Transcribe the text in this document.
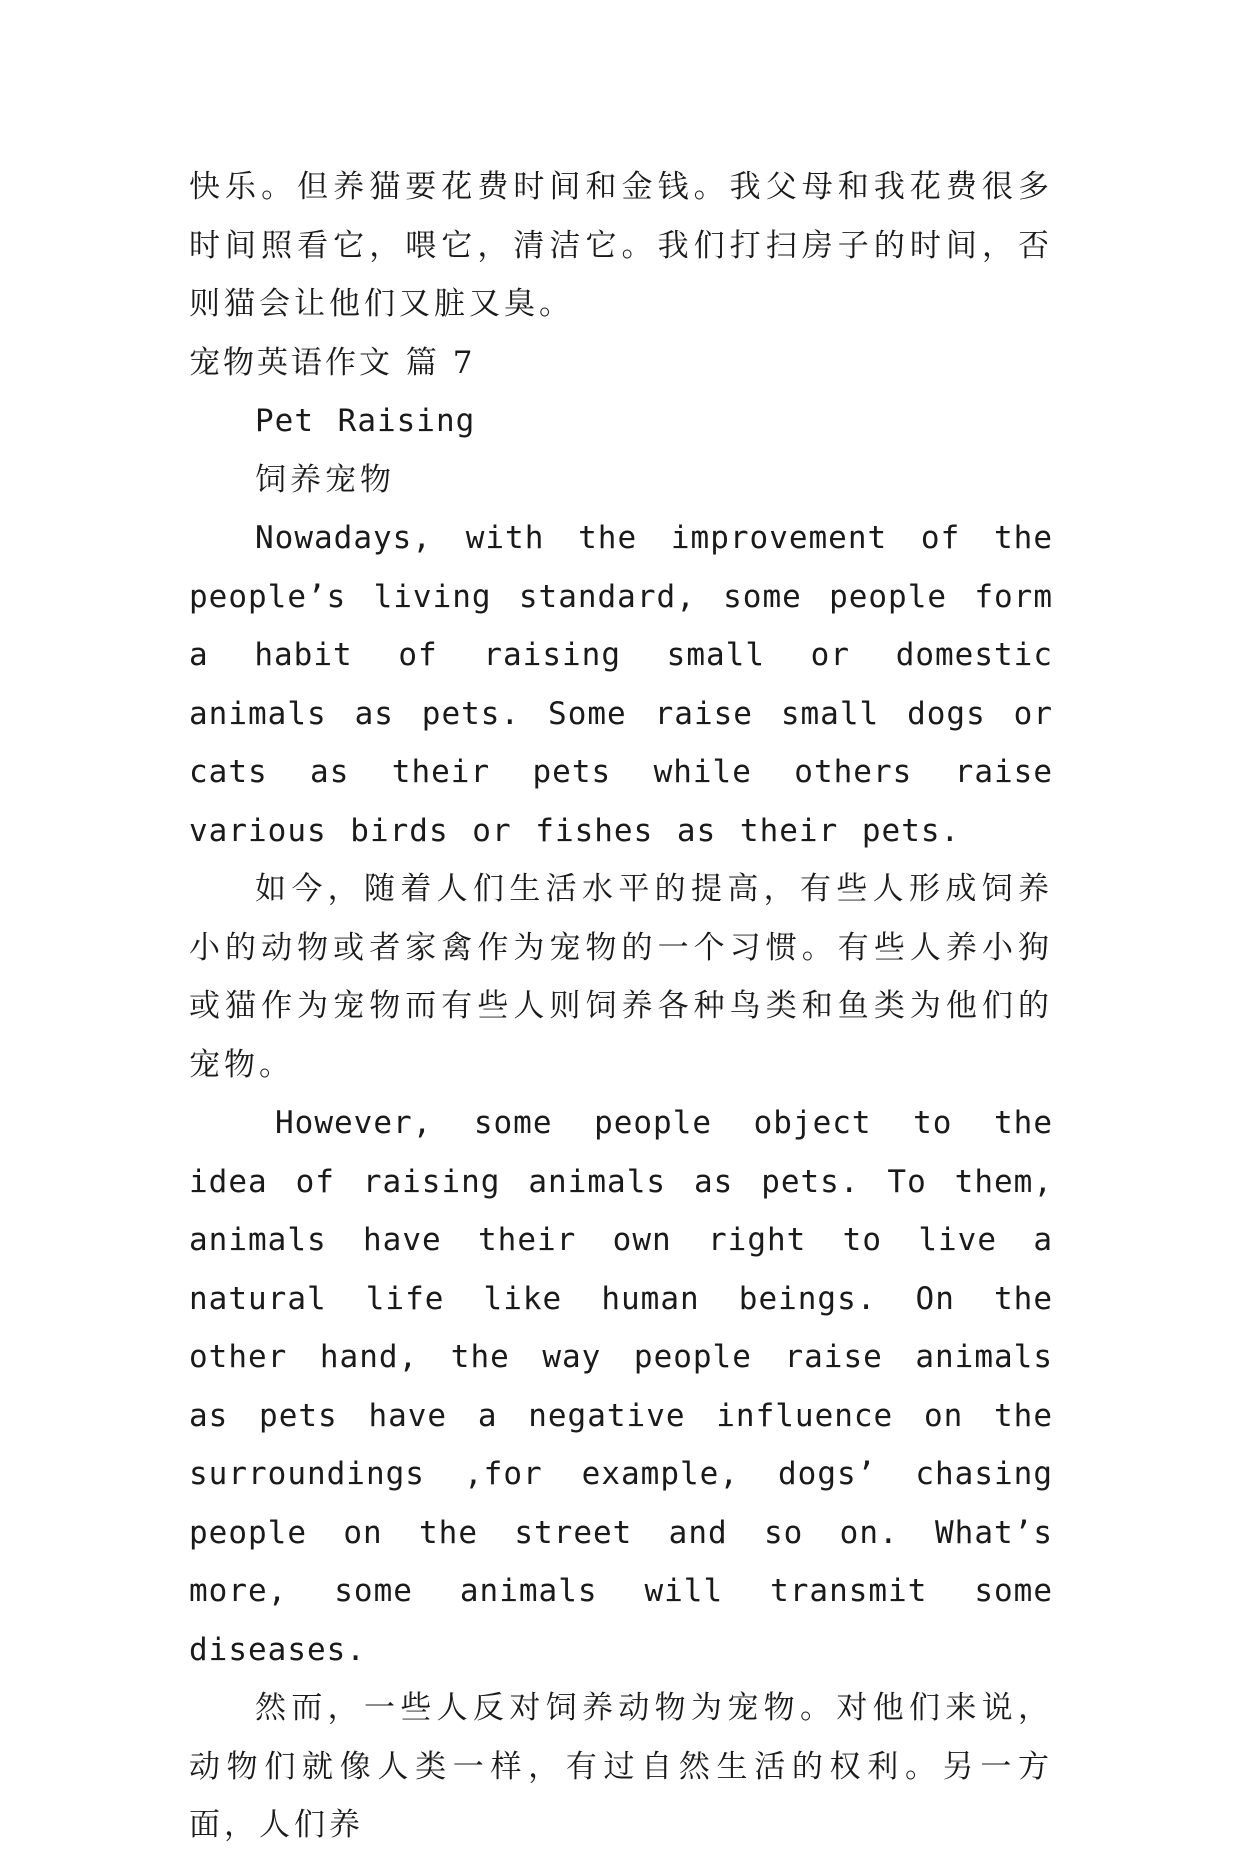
快乐。但养猫要花费时间和金钱。我父母和我花费很多时间照看它，喂它，清洁它。我们打扫房子的时间，否则猫会让他们又脏又臭。

宠物英语作文 篇 7

Pet Raising

饲养宠物

Nowadays, with the improvement of the people’s living standard, some people form a habit of raising small or domestic animals as pets. Some raise small dogs or cats as their pets while others raise various birds or fishes as their pets.

如今，随着人们生活水平的提高，有些人形成饲养小的动物或者家禽作为宠物的一个习惯。有些人养小狗或猫作为宠物而有些人则饲养各种鸟类和鱼类为他们的宠物。

However, some people object to the idea of raising animals as pets. To them, animals have their own right to live a natural life like human beings. On the other hand, the way people raise animals as pets have a negative influence on the surroundings ,for example, dogs’ chasing people on the street and so on. What’s more, some animals will transmit some diseases.

然而，一些人反对饲养动物为宠物。对他们来说，动物们就像人类一样，有过自然生活的权利。另一方面，人们养
